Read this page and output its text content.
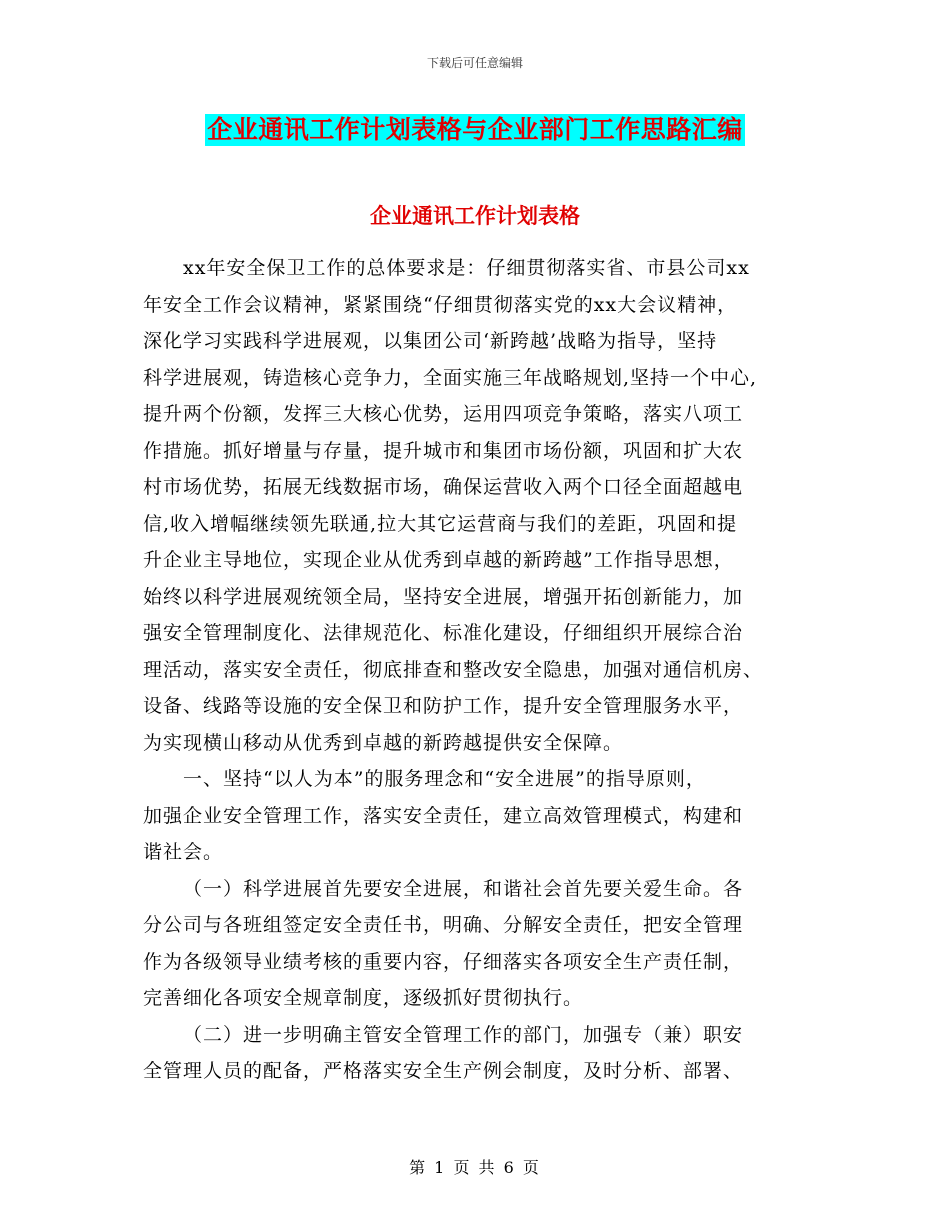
下载后可任意编辑
企业通讯工作计划表格与企业部门工作思路汇编
企业通讯工作计划表格
xx年安全保卫工作的总体要求是：仔细贯彻落实省、市县公司xx
年安全工作会议精神，紧紧围绕“仔细贯彻落实党的xx大会议精神，
深化学习实践科学进展观，以集团公司‘新跨越’战略为指导，坚持
科学进展观，铸造核心竞争力，全面实施三年战略规划,坚持一个中心,
提升两个份额，发挥三大核心优势，运用四项竞争策略，落实八项工
作措施。抓好增量与存量，提升城市和集团市场份额，巩固和扩大农
村市场优势，拓展无线数据市场，确保运营收入两个口径全面超越电
信,收入增幅继续领先联通,拉大其它运营商与我们的差距，巩固和提
升企业主导地位，实现企业从优秀到卓越的新跨越”工作指导思想，
始终以科学进展观统领全局，坚持安全进展，增强开拓创新能力，加
强安全管理制度化、法律规范化、标准化建设，仔细组织开展综合治
理活动，落实安全责任，彻底排查和整改安全隐患，加强对通信机房、
设备、线路等设施的安全保卫和防护工作，提升安全管理服务水平，
为实现横山移动从优秀到卓越的新跨越提供安全保障。
一、坚持“以人为本”的服务理念和“安全进展”的指导原则，
加强企业安全管理工作，落实安全责任，建立高效管理模式，构建和
谐社会。
（一）科学进展首先要安全进展，和谐社会首先要关爱生命。各
分公司与各班组签定安全责任书，明确、分解安全责任，把安全管理
作为各级领导业绩考核的重要内容，仔细落实各项安全生产责任制，
完善细化各项安全规章制度，逐级抓好贯彻执行。
（二）进一步明确主管安全管理工作的部门，加强专（兼）职安
全管理人员的配备，严格落实安全生产例会制度，及时分析、部署、
第 1 页 共 6 页
